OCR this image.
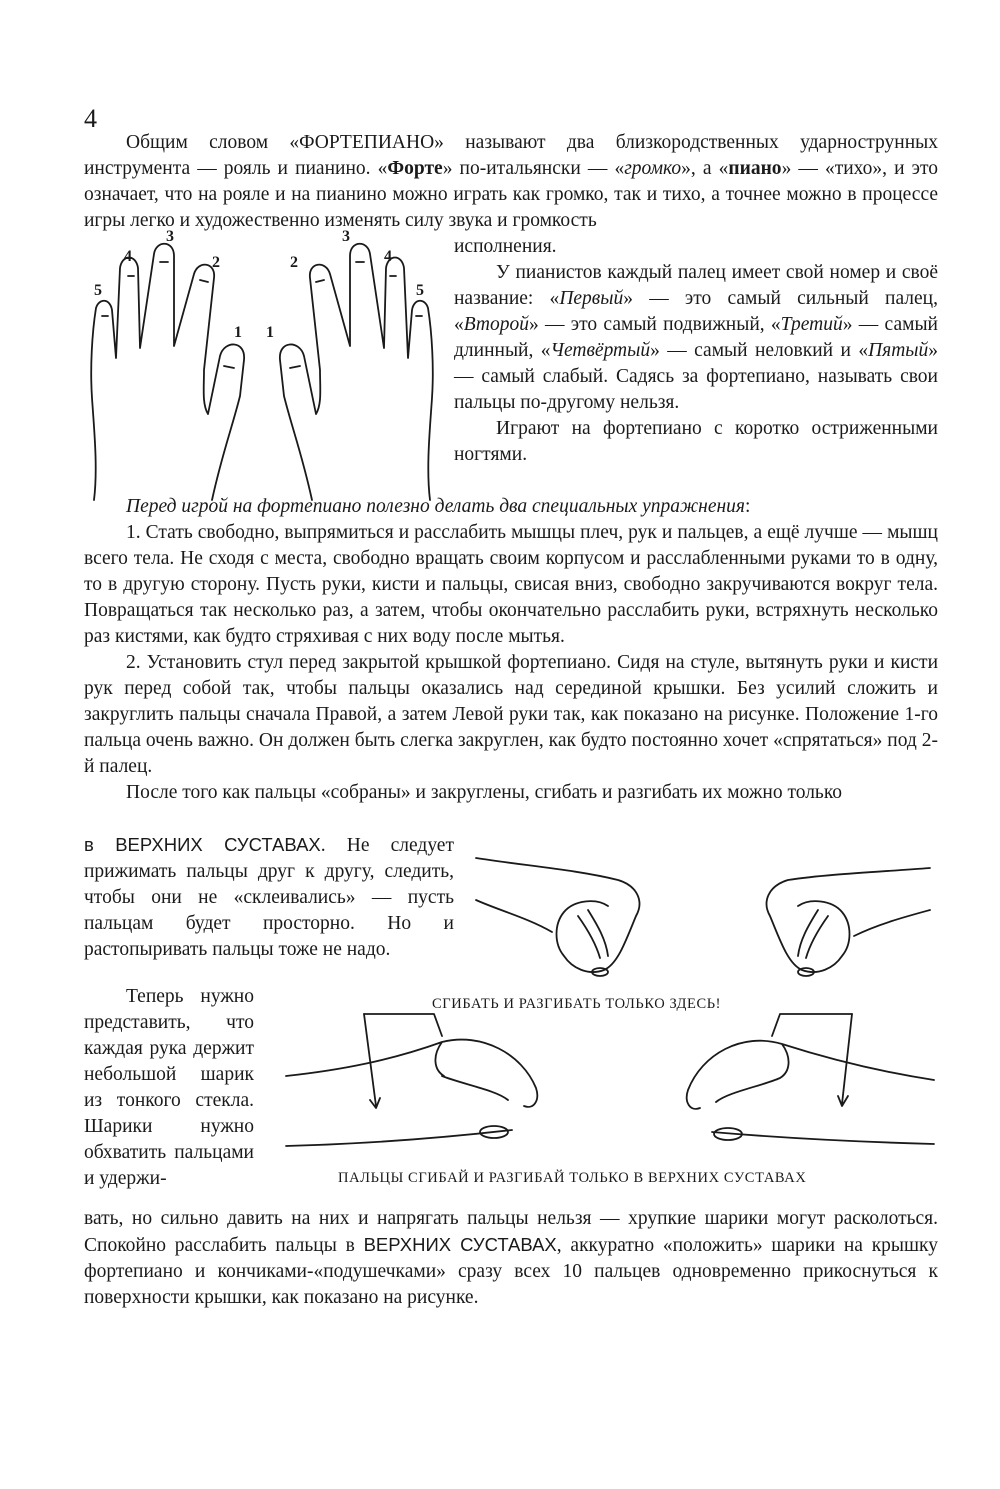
4

Общим словом «ФОРТЕПИАНО» называют два близкородственных ударнострунных инструмента — рояль и пианино. «Форте» по-итальянски — «громко», а «пиано» — «тихо», и это означает, что на рояле и на пианино можно играть как громко, так и тихо, а точнее можно в процессе игры легко и художественно изменять силу звука и громкость

5
4
3
2
1 1
2
3
4
5

исполнения.

У пианистов каждый палец имеет свой номер и своё название: «Первый» — это самый сильный палец, «Второй» — это самый подвижный, «Третий» — самый длинный, «Четвёртый» — самый неловкий и «Пятый» — самый слабый. Садясь за фортепиано, называть свои пальцы по-другому нельзя.

Играют на фортепиано с коротко остриженными ногтями.

Перед игрой на фортепиано полезно делать два специальных упражнения:

1. Стать свободно, выпрямиться и расслабить мышцы плеч, рук и пальцев, а ещё лучше — мышц всего тела. Не сходя с места, свободно вращать своим корпусом и расслабленными руками то в одну, то в другую сторону. Пусть руки, кисти и пальцы, свисая вниз, свободно закручиваются вокруг тела. Повращаться так несколько раз, а затем, чтобы окончательно расслабить руки, встряхнуть несколько раз кистями, как будто стряхивая с них воду после мытья.

2. Установить стул перед закрытой крышкой фортепиано. Сидя на стуле, вытянуть руки и кисти рук перед собой так, чтобы пальцы оказались над серединой крышки. Без усилий сложить и закруглить пальцы сначала Правой, а затем Левой руки так, как показано на рисунке. Положение 1-го пальца очень важно. Он должен быть слегка закруглен, как будто постоянно хочет «спрятаться» под 2-й палец.

После того как пальцы «собраны» и закруглены, сгибать и разгибать их можно только

в ВЕРХНИХ СУСТАВАХ. Не следует прижимать пальцы друг к другу, следить, чтобы они не «склеивались» — пусть пальцам будет просторно. Но и растопыривать пальцы тоже не надо.

Теперь нужно представить, что каждая рука держит небольшой шарик из тонкого стекла. Шарики нужно обхватить пальцами и удержи-

СГИБАТЬ И РАЗГИБАТЬ ТОЛЬКО ЗДЕСЬ!
ПАЛЬЦЫ СГИБАЙ И РАЗГИБАЙ ТОЛЬКО В ВЕРХНИХ СУСТАВАХ

вать, но сильно давить на них и напрягать пальцы нельзя — хрупкие шарики могут расколоться. Спокойно расслабить пальцы в ВЕРХНИХ СУСТАВАХ, аккуратно «положить» шарики на крышку фортепиано и кончиками-«подушечками» сразу всех 10 пальцев одновременно прикоснуться к поверхности крышки, как показано на рисунке.
